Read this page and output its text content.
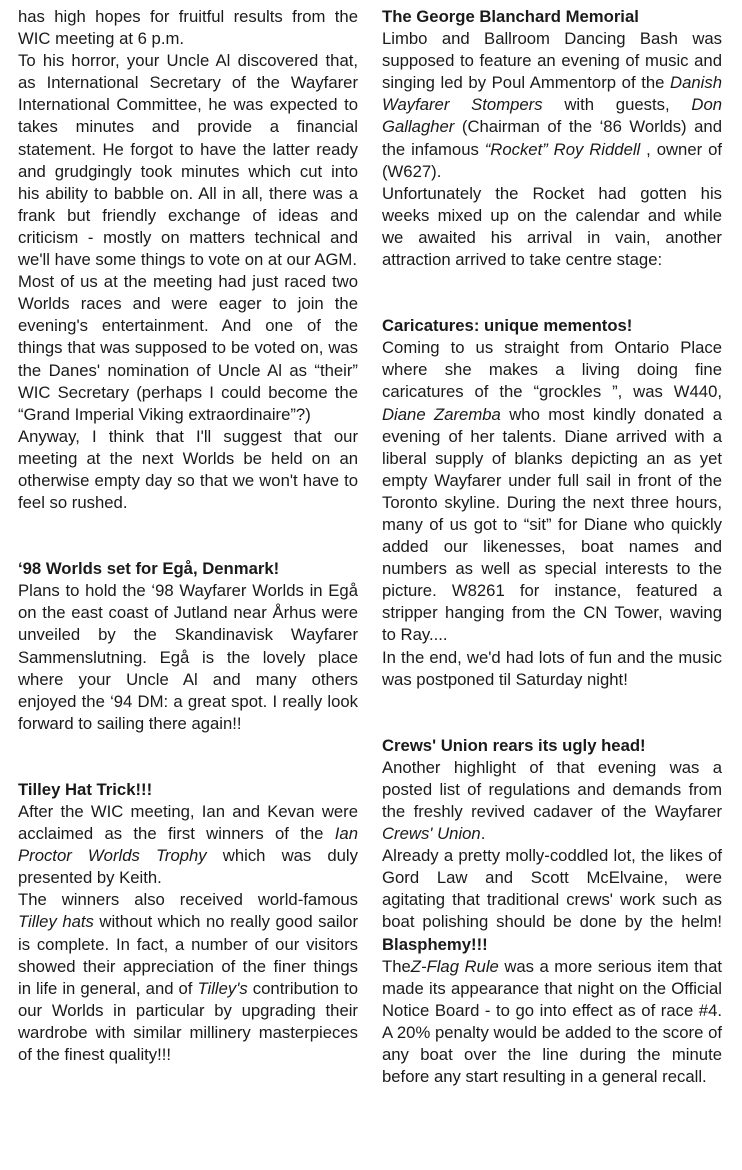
has high hopes for fruitful results from the WIC meeting at 6 p.m.

To his horror, your Uncle Al discovered that, as International Secretary of the Wayfarer International Committee, he was expected to takes minutes and provide a financial statement. He forgot to have the latter ready and grudgingly took minutes which cut into his ability to babble on. All in all, there was a frank but friendly exchange of ideas and criticism - mostly on matters technical and we'll have some things to vote on at our AGM.

Most of us at the meeting had just raced two Worlds races and were eager to join the evening's entertainment. And one of the things that was supposed to be voted on, was the Danes' nomination of Uncle Al as “their” WIC Secretary (perhaps I could become the “Grand Imperial Viking extraordinaire”?)

Anyway, I think that I'll suggest that our meeting at the next Worlds be held on an otherwise empty day so that we won't have to feel so rushed.

‘98 Worlds set for Egå, Denmark!

Plans to hold the ‘98 Wayfarer Worlds in Egå on the east coast of Jutland near Århus were unveiled by the Skandinavisk Wayfarer Sammenslutning. Egå is the lovely place where your Uncle Al and many others enjoyed the ‘94 DM: a great spot. I really look forward to sailing there again!!

Tilley Hat Trick!!!

After the WIC meeting, Ian and Kevan were acclaimed as the first winners of the Ian Proctor Worlds Trophy which was duly presented by Keith.

The winners also received world-famous Tilley hats without which no really good sailor is complete. In fact, a number of our visitors showed their appreciation of the finer things in life in general, and of Tilley's contribution to our Worlds in particular by upgrading their wardrobe with similar millinery masterpieces of the finest quality!!!

The George Blanchard Memorial

Limbo and Ballroom Dancing Bash was supposed to feature an evening of music and singing led by Poul Ammentorp of the Danish Wayfarer Stompers with guests, Don Gallagher (Chairman of the ‘86 Worlds) and the infamous “Rocket” Roy Riddell , owner of (W627).

Unfortunately the Rocket had gotten his weeks mixed up on the calendar and while we awaited his arrival in vain, another attraction arrived to take centre stage:

Caricatures: unique mementos!

Coming to us straight from Ontario Place where she makes a living doing fine caricatures of the “grockles ”, was W440, Diane Zaremba who most kindly donated a evening of her talents. Diane arrived with a liberal supply of blanks depicting an as yet empty Wayfarer under full sail in front of the Toronto skyline. During the next three hours, many of us got to “sit” for Diane who quickly added our likenesses, boat names and numbers as well as special interests to the picture. W8261 for instance, featured a stripper hanging from the CN Tower, waving to Ray....

In the end, we'd had lots of fun and the music was postponed til Saturday night!

Crews' Union rears its ugly head!

Another highlight of that evening was a posted list of regulations and demands from the freshly revived cadaver of the Wayfarer Crews' Union.

Already a pretty molly-coddled lot, the likes of Gord Law and Scott McElvaine, were agitating that traditional crews' work such as boat polishing should be done by the helm! Blasphemy!!!

TheZ-Flag Rule was a more serious item that made its appearance that night on the Official Notice Board - to go into effect as of race #4. A 20% penalty would be added to the score of any boat over the line during the minute before any start resulting in a general recall.
